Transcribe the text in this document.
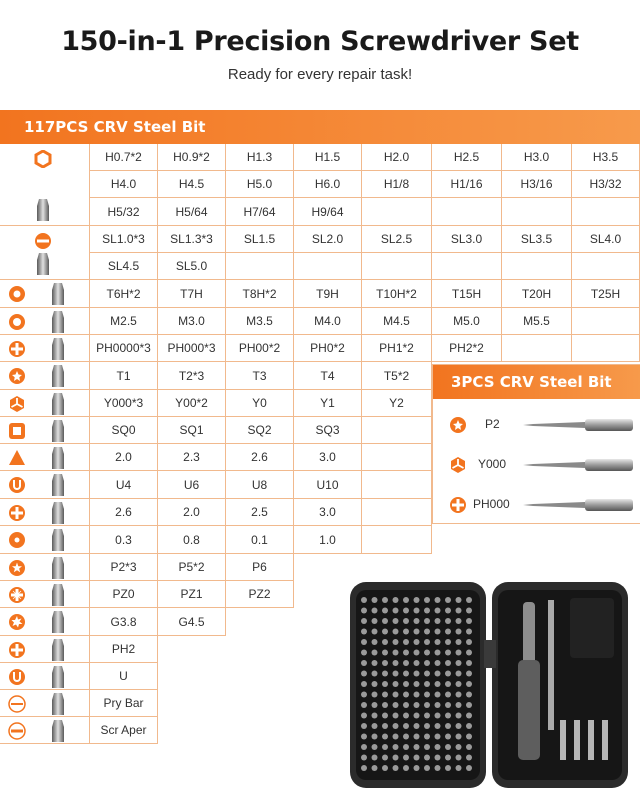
150-in-1 Precision Screwdriver Set
Ready for every repair task!
117PCS CRV Steel Bit
H0.7*2	H0.9*2	H1.3	H1.5	H2.0	H2.5	H3.0	H3.5
H4.0	H4.5	H5.0	H6.0	H1/8	H1/16	H3/16	H3/32
H5/32	H5/64	H7/64	H9/64
SL1.0*3	SL1.3*3	SL1.5	SL2.0	SL2.5	SL3.0	SL3.5	SL4.0
SL4.5	SL5.0
T6H*2	T7H	T8H*2	T9H	T10H*2	T15H	T20H	T25H
M2.5	M3.0	M3.5	M4.0	M4.5	M5.0	M5.5
PH0000*3	PH000*3	PH00*2	PH0*2	PH1*2	PH2*2
T1	T2*3	T3	T4	T5*2
Y000*3	Y00*2	Y0	Y1	Y2
SQ0	SQ1	SQ2	SQ3
2.0	2.3	2.6	3.0
U4	U6	U8	U10
2.6	2.0	2.5	3.0
0.3	0.8	0.1	1.0
P2*3	P5*2	P6
PZ0	PZ1	PZ2
G3.8	G4.5
PH2
U
Pry Bar
Scr Aper
3PCS CRV Steel Bit
P2
Y000
PH000
